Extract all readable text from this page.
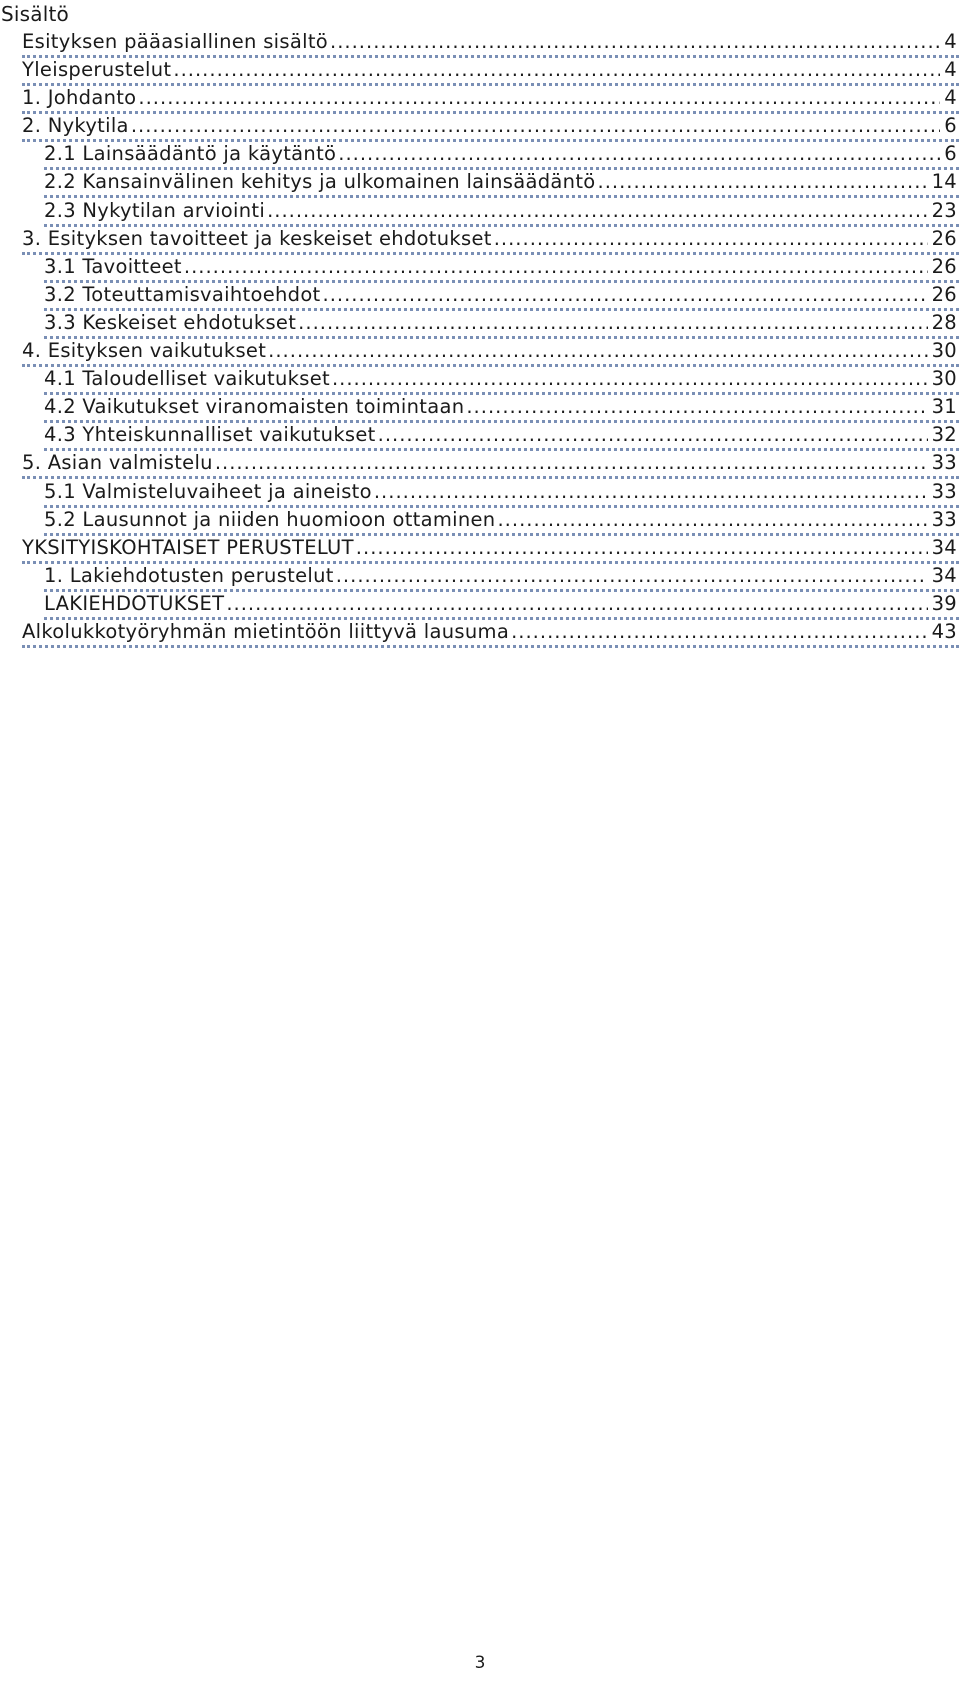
Sisältö
Esityksen pääasiallinen sisältö .....	4
Yleisperustelut .....	4
1. Johdanto .....	4
2. Nykytila .....	6
2.1 Lainsäädäntö ja käytäntö .....	6
2.2 Kansainvälinen kehitys ja ulkomainen lainsäädäntö .....	14
2.3 Nykytilan arviointi .....	23
3. Esityksen tavoitteet ja keskeiset ehdotukset .....	26
3.1 Tavoitteet .....	26
3.2 Toteuttamisvaihtoehdot .....	26
3.3 Keskeiset ehdotukset .....	28
4. Esityksen vaikutukset .....	30
4.1 Taloudelliset vaikutukset .....	30
4.2 Vaikutukset viranomaisten toimintaan .....	31
4.3 Yhteiskunnalliset vaikutukset .....	32
5. Asian valmistelu .....	33
5.1 Valmisteluvaiheet ja aineisto .....	33
5.2 Lausunnot ja niiden huomioon ottaminen .....	33
YKSITYISKOHTAISET PERUSTELUT .....	34
1. Lakiehdotusten perustelut .....	34
LAKIEHDOTUKSET .....	39
Alkolukkotyöryhmän mietintöön liittyvä lausuma .....	43
3
